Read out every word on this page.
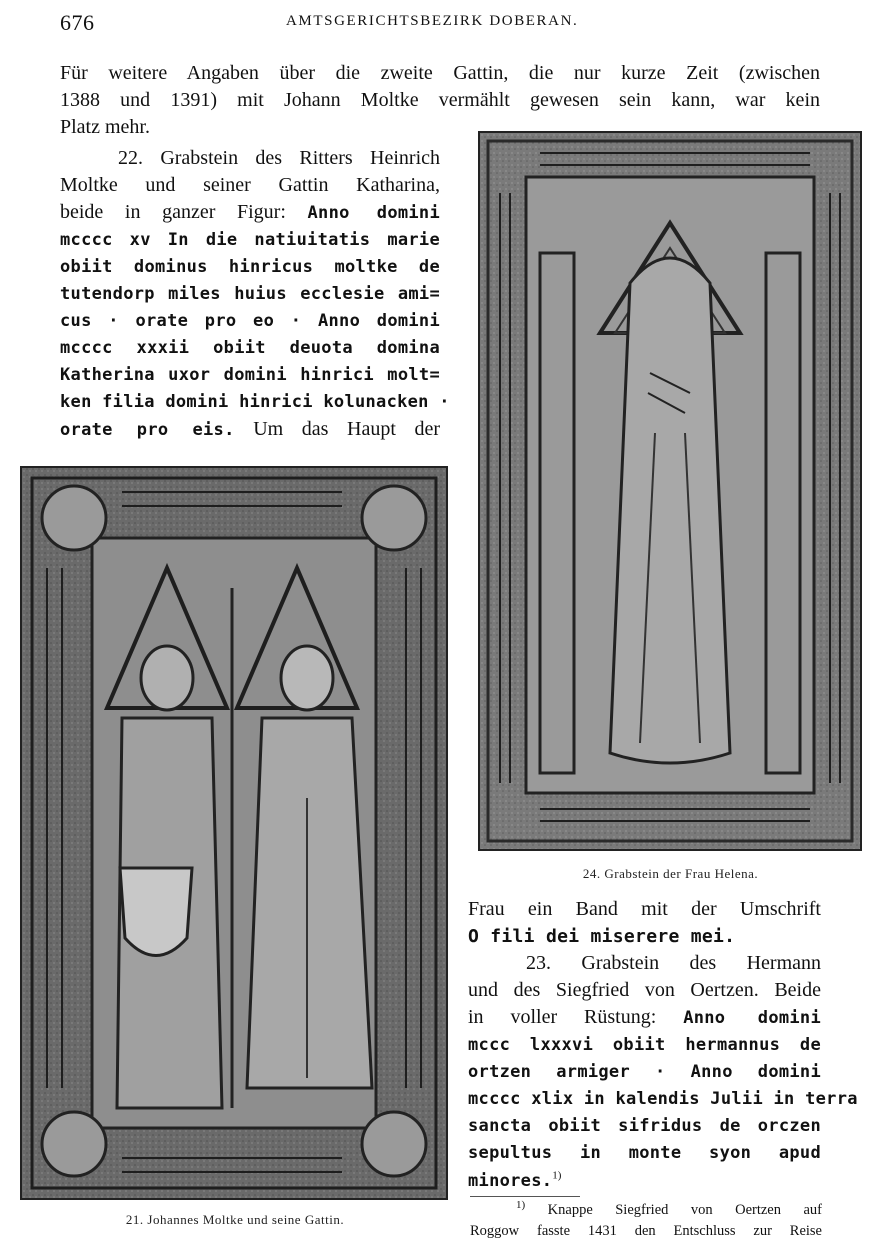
676	AMTSGERICHTSBEZIRK DOBERAN.
Für weitere Angaben über die zweite Gattin, die nur kurze Zeit (zwischen
1388 und 1391) mit Johann Moltke vermählt gewesen sein kann, war kein
Platz mehr.
22. Grabstein des Ritters Heinrich
Moltke und seiner Gattin Katharina,
beide in ganzer Figur: Anno domini
mcccc xv In die natiuitatis marie
obiit dominus hinricus moltke de
tutendorp miles huius ecclesie ami=
cus · orate pro eo · Anno domini
mcccc xxxii obiit deuota domina
Katherina uxor domini hinrici molt=
ken filia domini hinrici kolunacken ·
orate pro eis. Um das Haupt der
24. Grabstein der Frau Helena.
21. Johannes Moltke und seine Gattin.
Frau ein Band mit der Umschrift
O fili dei miserere mei.
23. Grabstein des Hermann
und des Siegfried von Oertzen. Beide
in voller Rüstung: Anno domini
mccc lxxxvi obiit hermannus de
ortzen armiger · Anno domini
mcccc xlix in kalendis Julii in terra
sancta obiit sifridus de orczen
sepultus in monte syon apud
minores.$^{1)}$
$^{1)}$ Knappe Siegfried von Oertzen auf
Roggow fasste 1431 den Entschluss zur Reise
